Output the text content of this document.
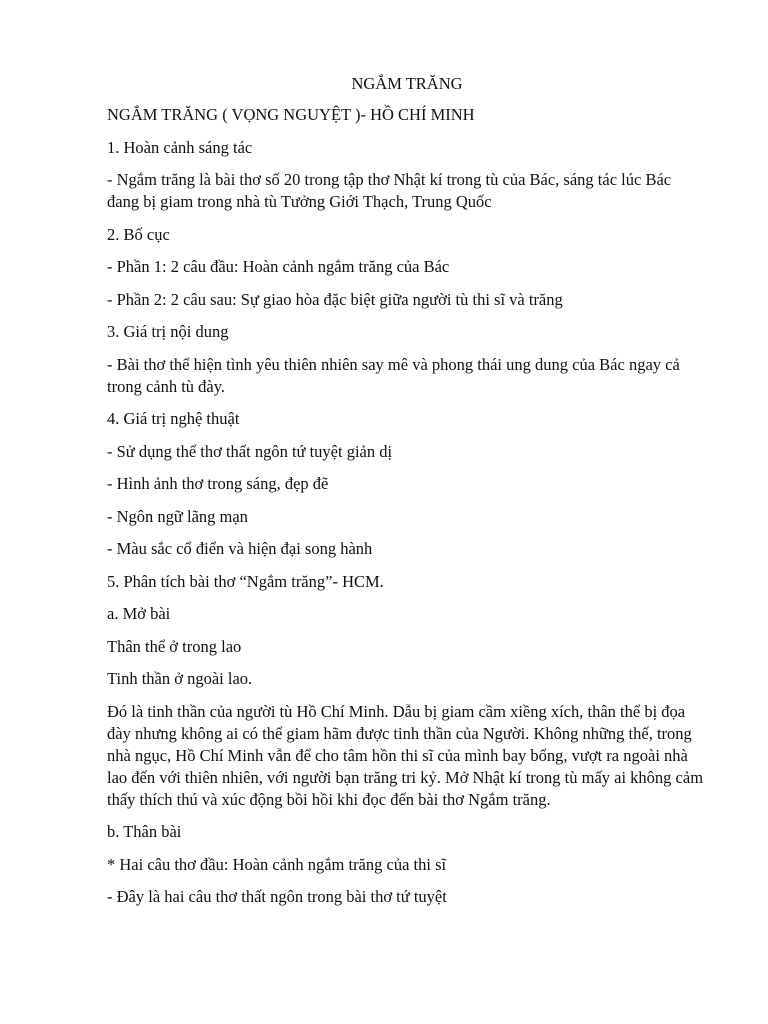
NGẮM TRĂNG
NGẮM TRĂNG ( VỌNG NGUYỆT )- HỒ CHÍ MINH
1. Hoàn cảnh sáng tác
- Ngắm trăng là bài thơ số 20 trong tập thơ Nhật kí trong tù của Bác, sáng tác lúc Bác đang bị giam trong nhà tù Tưởng Giới Thạch, Trung Quốc
2. Bố cục
- Phần 1: 2 câu đầu: Hoàn cảnh ngắm trăng của Bác
- Phần 2: 2 câu sau: Sự giao hòa đặc biệt giữa người tù thi sĩ và trăng
3. Giá trị nội dung
- Bài thơ thể hiện tình yêu thiên nhiên say mê và phong thái ung dung của Bác ngay cả trong cảnh tù đày.
4. Giá trị nghệ thuật
- Sử dụng thể thơ thất ngôn tứ tuyệt giản dị
- Hình ảnh thơ trong sáng, đẹp đẽ
- Ngôn ngữ lãng mạn
- Màu sắc cổ điển và hiện đại song hành
5. Phân tích bài thơ “Ngắm trăng”- HCM.
a. Mở bài
Thân thể ở trong lao
Tinh thần ở ngoài lao.
Đó là tinh thần của người tù Hồ Chí Minh. Dẫu bị giam cầm xiềng xích, thân thể bị đọa đày nhưng không ai có thể giam hãm được tinh thần của Người. Không những thế, trong nhà ngục, Hồ Chí Minh vẫn để cho tâm hồn thi sĩ của mình bay bổng, vượt ra ngoài nhà lao đến với thiên nhiên, với người bạn trăng tri kỷ. Mở Nhật kí trong tù mấy ai không cảm thấy thích thú và xúc động bồi hồi khi đọc đến bài thơ Ngắm trăng.
b. Thân bài
* Hai câu thơ đầu: Hoàn cảnh ngắm trăng của thi sĩ
- Đây là hai câu thơ thất ngôn trong bài thơ tứ tuyệt
